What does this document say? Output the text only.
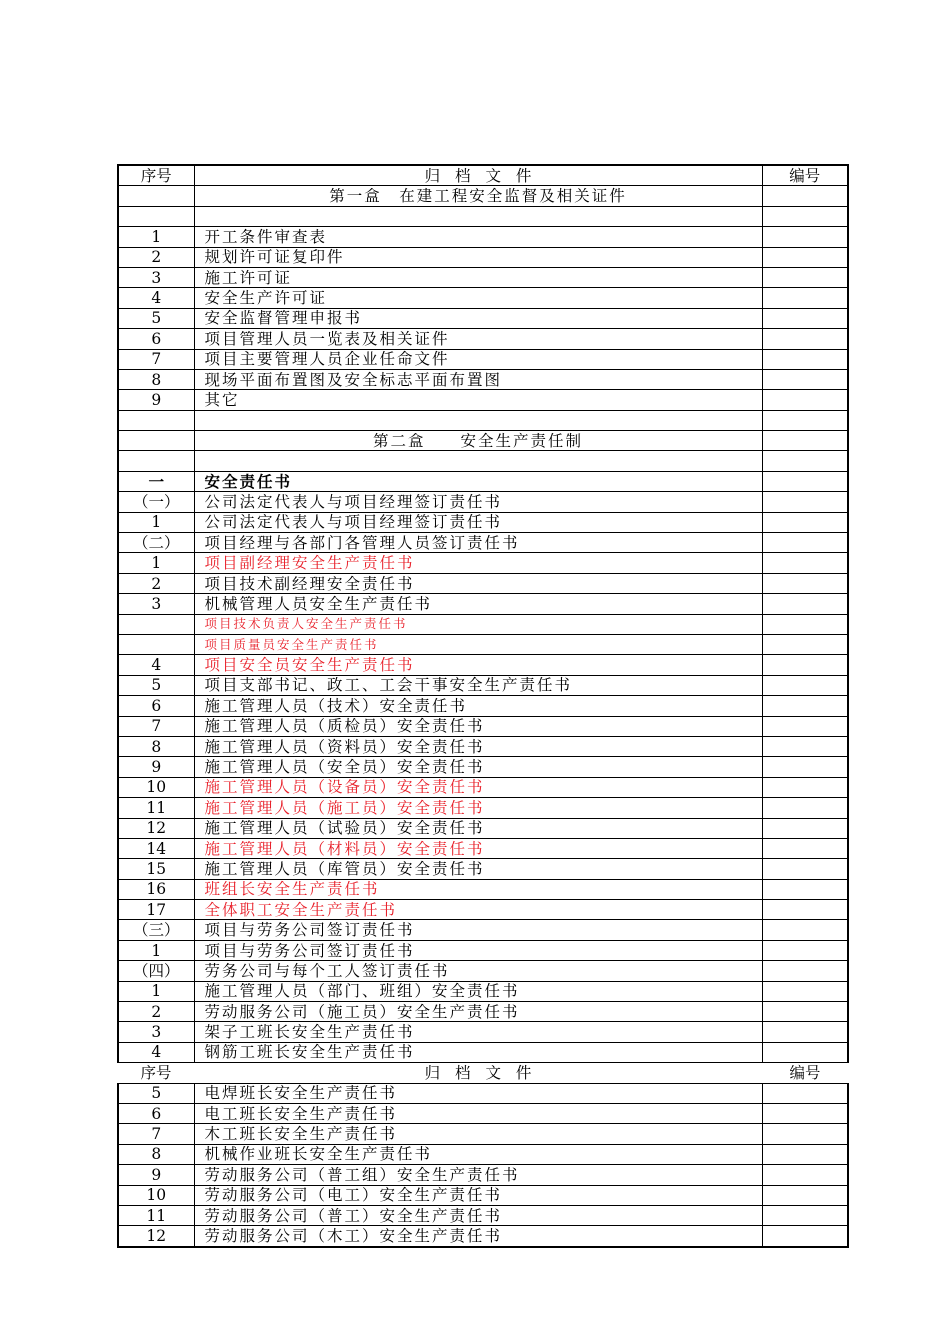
序号	归 档 文 件	编号
	第一盒　在建工程安全监督及相关证件	

1	开工条件审查表	
2	规划许可证复印件	
3	施工许可证	
4	安全生产许可证	
5	安全监督管理申报书	
6	项目管理人员一览表及相关证件	
7	项目主要管理人员企业任命文件	
8	现场平面布置图及安全标志平面布置图	
9	其它	

	第二盒　　安全生产责任制	

一	安全责任书	
（一）	公司法定代表人与项目经理签订责任书	
1	公司法定代表人与项目经理签订责任书	
（二）	项目经理与各部门各管理人员签订责任书	
1	项目副经理安全生产责任书	
2	项目技术副经理安全责任书	
3	机械管理人员安全生产责任书	
	项目技术负责人安全生产责任书	
	项目质量员安全生产责任书	
4	项目安全员安全生产责任书	
5	项目支部书记、政工、工会干事安全生产责任书	
6	施工管理人员（技术）安全责任书	
7	施工管理人员（质检员）安全责任书	
8	施工管理人员（资料员）安全责任书	
9	施工管理人员（安全员）安全责任书	
10	施工管理人员（设备员）安全责任书	
11	施工管理人员（施工员）安全责任书	
12	施工管理人员（试验员）安全责任书	
14	施工管理人员（材料员）安全责任书	
15	施工管理人员（库管员）安全责任书	
16	班组长安全生产责任书	
17	全体职工安全生产责任书	
（三）	项目与劳务公司签订责任书	
1	项目与劳务公司签订责任书	
（四）	劳务公司与每个工人签订责任书	
1	施工管理人员（部门、班组）安全责任书	
2	劳动服务公司（施工员）安全生产责任书	
3	架子工班长安全生产责任书	
4	钢筋工班长安全生产责任书	
序号	归 档 文 件	编号
5	电焊班长安全生产责任书	
6	电工班长安全生产责任书	
7	木工班长安全生产责任书	
8	机械作业班长安全生产责任书	
9	劳动服务公司（普工组）安全生产责任书	
10	劳动服务公司（电工）安全生产责任书	
11	劳动服务公司（普工）安全生产责任书	
12	劳动服务公司（木工）安全生产责任书	
